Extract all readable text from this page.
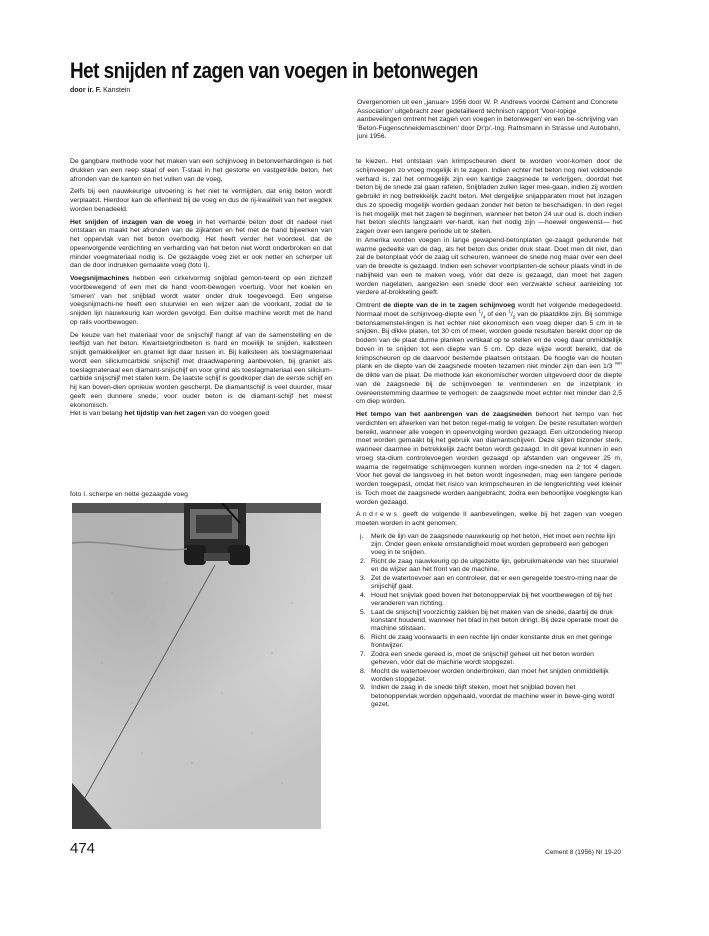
Het snijden nf zagen van voegen in betonwegen
door ir. F. Kanstein
Overgenomen uit een „januar» 1956 door W. P. Andrews voorde Cement and Concrete Association' uitgebracht zeer gedetailleerd technisch rapport 'Voor-lopige aanbevelingen omtrent het zagen von voegen in betonwegen' en een be-schrijving van 'Beton-Fugenschneidemascbinen' door Dr'p/.-Ing. Rathsmann in Strasse und Autobahn, juni 1956.

De gangbare methode voor het maken van een schijnvoeg in betonverhardingen is het drukken van een reep staal of een T-staal in het gestorte en vastgetrilde beton, het afronden van de kanten en het vullen van de voeg,

Zelfs bij een nauwkeurige uitvoering is het niet te vermijden, dat enig beton wordt verplaatst. Hierdoor kan de effenheid bij de voeg en dus de rij-kwaliteit van het wegdek worden benadeeld.

Het snijden of inzagen van de voeg in het verharde beton doet dit nadeel niet ontstaan en maakt het afronden van de zijkanten en het met de hand bijwerken van het oppervlak van het beton overbodig. Het heeft verder het voordeel, dat de opeenvolgende verdichting en verharding van het beton niet wordt onderbroken en dat minder voegmateriaal nodig is. De gezaagde voeg ziet er ook netter en scherper uit dan de door indrukken gemaakte voeg (foto I).

Voegsnijmachines hebben een cirkelvormig snijblad gemon-teerd op een zichzelf voortbewegend of een met de hand voort-bewogen voertuig. Voor het koelen en 'smeren' van het snijblad wordt water onder druk toegevoegd. Een engelse voegsnijmachi-ne heeft een stuurwiel en een wijzer aan de voorkant, zodat de te snijden lijn nauwkeurig kan worden gevolgd. Een duitse machine wordt met de hand op rails voortbewogen.

De keuze van het materiaal voor de snijschijf hangt af van de samenstelling en de leeftijd van het beton. Kwartsietgrindbeton is hard en moeilijk te snijden, kalksteen snijdt gemakkelijker en graniet ligt daar tussen in. Bij kalksteen als toeslagmateriaal wordt een siliciumcarbide snijschijf met draadwapening aanbevolen, bij graniet als toeslagmateriaal een diamant-snijschijf en voor grind als toeslagmateriaal een silicium-carbide snijschijf met stalen kern. De laatste schijf is goedkoper dan de eerste schijf en hij kan boven-dien opnieuw worden gescherpt. De diamantschijf is veel duurder, maar geeft een dunnere snede; voor ouder beton is de diamant-schijf het meest ekonomisch.

Het is van belang het tijdstip van het zagen van do voegen goed

foto I. scherpe en nette gezaagde voeg

te kiezen. Het ontstaan van krimpscheuren dient te worden voor-komen door de schijnvoegen zo vroeg mogelijk in te zagen. Indien echter het beton nog niet voldoende verhard is, zal het onmogelijk zijn een kantige zaagsnede te verkrijgen, doordat het beton bij de snede zal gaan rafelen, Snijbladen zullen lager mee-gaan, indien zij worden gebruikt in nog betrekkelijk zacht beton. Met dergelijke snijapparaten moet het inzagen dus zo spoedig mogelijk worden gedaan zonder het beton te beschadigen. In den regel is het mogelijk met het zagen te beginnen, wanneer het beton 24 uur oud is. doch indien het beton slechts langzaam ver-hardt, kan het nodig zijn —hoewel ongewenst— het zagen over een langere periode uit te stellen.

In Amerika worden voegen in lange gewapend-betonplaten ge-zaagd gedurende het warme gedeelte van de dag, als het beton dus onder druk staat. Doet men dit niet, dan zal de betonplaat vóór de zaag uit scheuren, wanneer de snede nog maar over een deel van de breedte is gezaagd. Indien een schever voortplanten-de scheur plaats vindt in de nabijheid van een te maken voeg, vóór dat deze is gezaagd, dan moet het zagen worden nagelaten, aangezien een snede door een verzwakte scheur aanleiding tot verdere af-brokkeling geeft.

Omtrent de diepte van de in te zagen schijnvoeg wordt het volgende medegedeeld. Normaal moet de schijnvoeg-diepte een $^1/_4$ of een $^1/_5$ van de plaatdikte zijn. Bij sommige betonsamenstel-lingen is het echter niet ekonomisch een voeg dieper dan 5 cm in te snijden. Bij dikke platen, tot 30 cm of meer, worden goede resultaten bereikt door op de bodem van de plaat dunne planken vertikaal op te stellen en de voeg daar onmiddellijk boven in te snijden tot een diepte van 5 cm. Op deze wijze wordt bereikt, dat de krimpscheuren op de daarvoor bestemde plaatsen ontstaan. De hoogte van de houten plank en de diepte van de zaagsnede moeten tezamen niet minder zijn dan een 1/3 $^{van}$ de dikte van de plaat. De methode kan ekonomischer worden uitgevoerd door de diepte van de zaagsnede bij de schijnvoegen te verminderen en de inzetplank in overeenstemming daarmee te verhogen: de zaagsnede moet echter niet minder dan 2,5 cm diep worden.

Het tempo van het aanbrengen van de zaagsneden behoort het tempo van het verdichten en afwerken van het beton regel-matig te volgen. De beste resultaten worden bereikt, wanneer alle voegen in opeenvolging worden gezaagd. Een uitzondering hierop moet worden gemaakt bij het gebruik van diamantschijven. Deze slijten bizonder sterk, wanneer daarmee in betrekkelijk zacht beton wordt gezaagd. In dit geval kunnen in een vroeg sta-dium controlevoegen worden gezaagd op afstanden van ongeveer 25 m, waarna de regelmatige schijnvoegen kunnen worden inge-sneden na 2 tot 4 dagen. Voor het geval de langsvoeg in het beton wordt ingesneden, mag een langere periode worden toegepast, omdat het risico van krimpscheuren in de lengterichting veel kleiner is. Toch moet de zaagsnede worden aangebracht, zodra een behoorlijke voeglengte kan worden gezaagd.

Andrews geeft de volgende II aanbevelingen, welke bij het zagen van voegen moeten worden in acht genomen;

j. Merk de lijn van de zaagsnede nauwkeurig op het beton, Het moet een rechte lijn zijn. Onder geen enkele omstandigheid moet worden geprobeerd een gebogen voeg in te snijden.
2. Richt de zaag nauwkeurig op de uitgezette lijn, gebruikmakende van hec stuurwiel en de wijzer aan het front van de machine.
3. Zet de watertoevoer aan en controleer, dat er een geregelde toestro-ming naar de snijschijf gaat.
4. Houd het snijvlak goed boven het betonoppervlak bij het voortbewegen of bij het veranderen van richting.
5. Laat de snijschijf voorzichtig zakken bij het maken van de snede, daarbij de druk konstant houdend, wanneer het blad in het beton dringt. Bij deze operatie moet de machine stilstaan.
6. Richt de zaag voorwaarts in een rechte lijn onder konstante druk en met geringe frontwijzer.
7. Zodra een snede gereed is, moet de snijschijf geheel uit het beton worden geheven, vóór dat de machine wordt stopgezet.
8. Mocht de watertoevoer worden onderbroken, dan moet het snijden onmiddellijk worden stopgezet.
9. Indien de zaag in de snede blijft steken, moet het snijblad boven het betonoppervlak worden opgehaald, voordat de machine weer in bewe-ging wordt gezet.
474	Cement 8 (1956) Nr 19-20
